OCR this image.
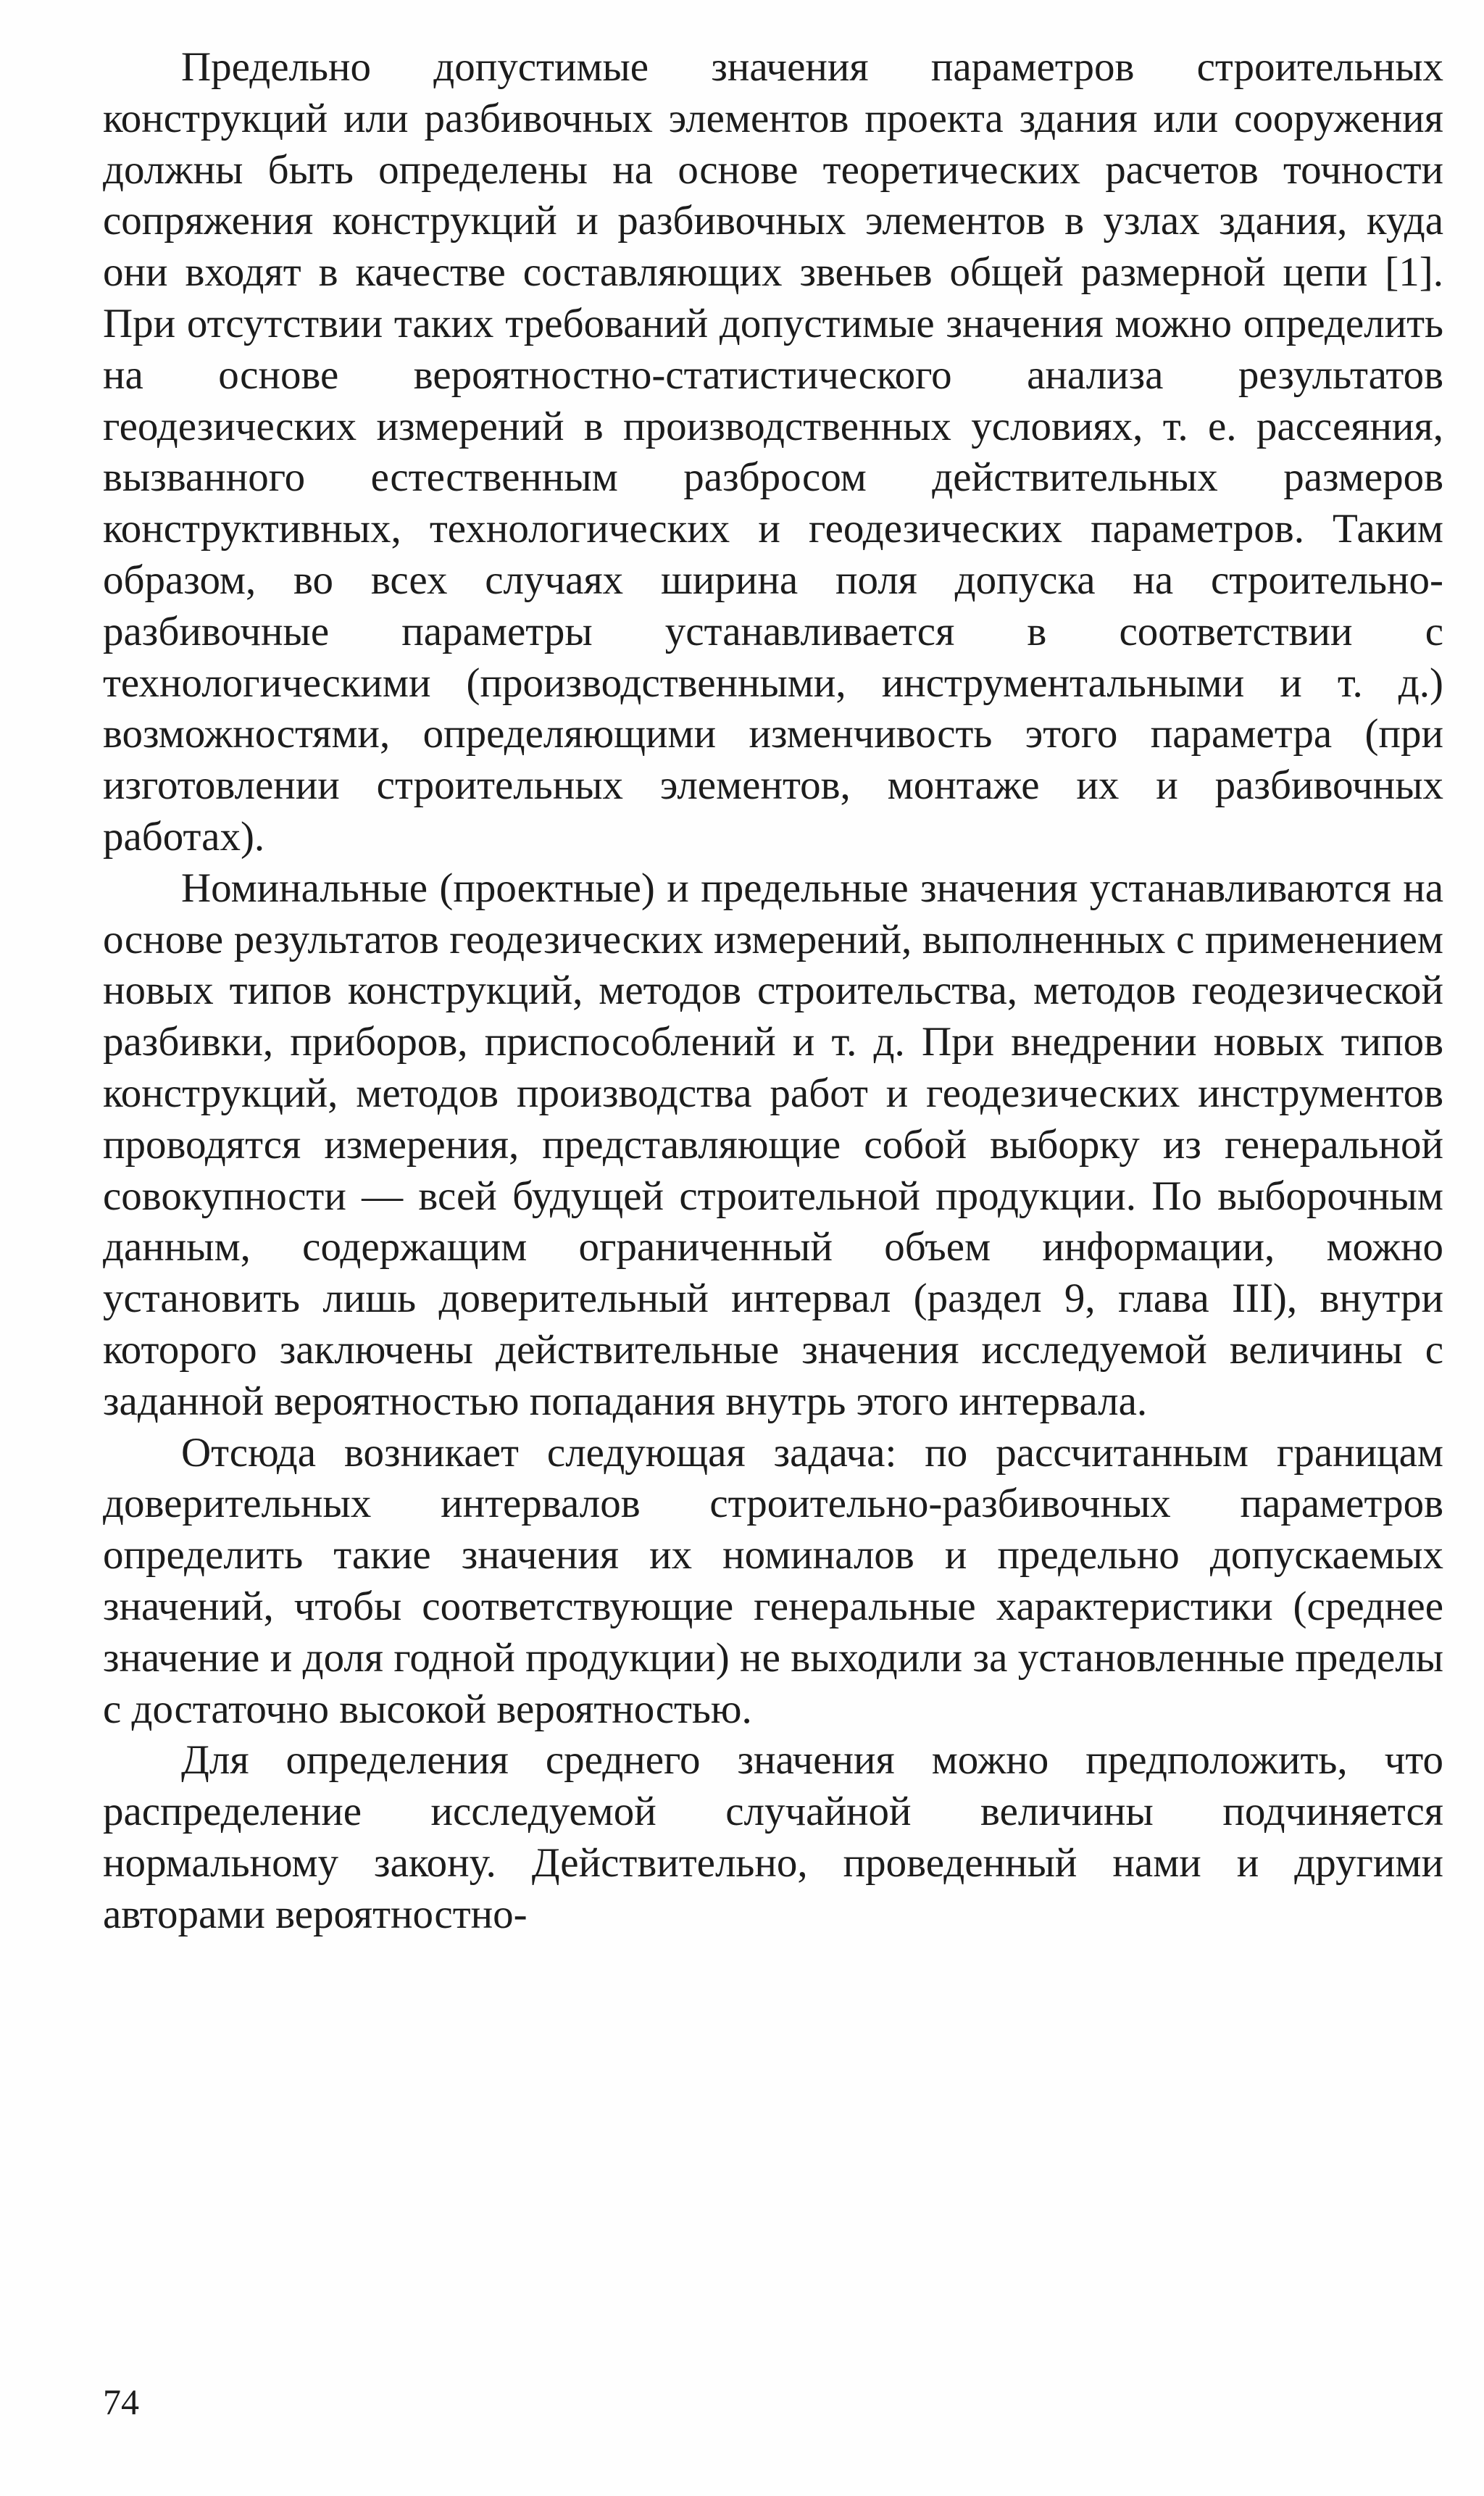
Предельно допустимые значения параметров строительных конструкций или разбивочных элементов проекта здания или сооружения должны быть определены на основе теоретических расчетов точности сопряжения конструкций и разбивочных элементов в узлах здания, куда они входят в качестве составляющих звеньев общей размерной цепи [1]. При отсутствии таких требований допустимые значения можно определить на основе вероятностно-статистического анализа результатов геодезических измерений в производственных условиях, т. е. рассеяния, вызванного естественным разбросом действительных размеров конструктивных, технологических и геодезических параметров. Таким образом, во всех случаях ширина поля допуска на строительно-разбивочные параметры устанавливается в соответствии с технологическими (производственными, инструментальными и т. д.) возможностями, определяющими изменчивость этого параметра (при изготовлении строительных элементов, монтаже их и разбивочных работах).

Номинальные (проектные) и предельные значения устанавливаются на основе результатов геодезических измерений, выполненных с применением новых типов конструкций, методов строительства, методов геодезической разбивки, приборов, приспособлений и т. д. При внедрении новых типов конструкций, методов производства работ и геодезических инструментов проводятся измерения, представляющие собой выборку из генеральной совокупности — всей будущей строительной продукции. По выборочным данным, содержащим ограниченный объем информации, можно установить лишь доверительный интервал (раздел 9, глава III), внутри которого заключены действительные значения исследуемой величины с заданной вероятностью попадания внутрь этого интервала.

Отсюда возникает следующая задача: по рассчитанным границам доверительных интервалов строительно-разбивочных параметров определить такие значения их номиналов и предельно допускаемых значений, чтобы соответствующие генеральные характеристики (среднее значение и доля годной продукции) не выходили за установленные пределы с достаточно высокой вероятностью.

Для определения среднего значения можно предположить, что распределение исследуемой случайной величины подчиняется нормальному закону. Действительно, проведенный нами и другими авторами вероятностно-

74
